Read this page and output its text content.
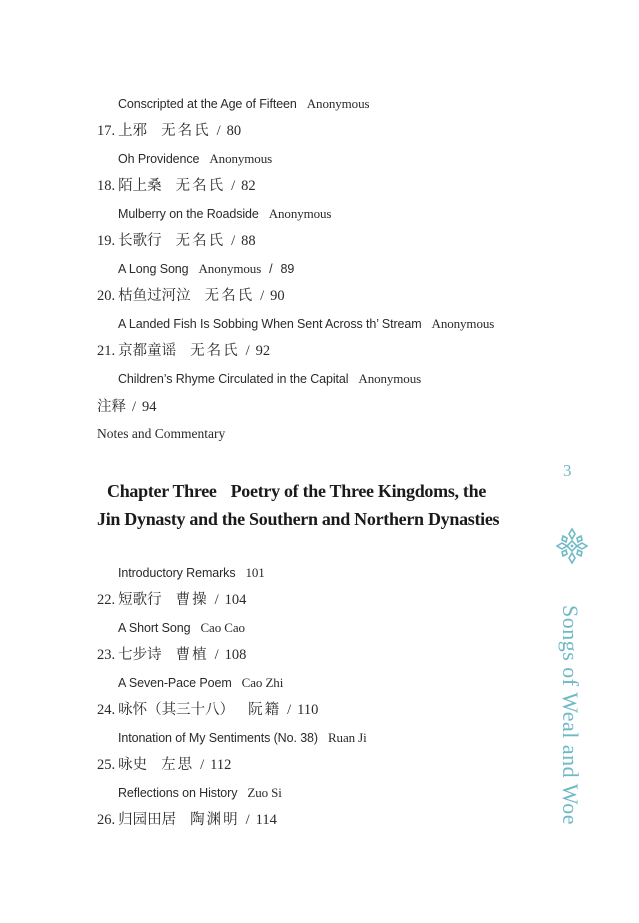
Conscripted at the Age of Fifteen Anonymous
17. 上邪 无名氏 / 80
Oh Providence Anonymous
18. 陌上桑 无名氏 / 82
Mulberry on the Roadside Anonymous
19. 长歌行 无名氏 / 88
A Long Song Anonymous / 89
20. 枯鱼过河泣 无名氏 / 90
A Landed Fish Is Sobbing When Sent Across th’ Stream Anonymous
21. 京都童谣 无名氏 / 92
Children’s Rhyme Circulated in the Capital Anonymous
注释 / 94
Notes and Commentary
Introductory Remarks 101
22. 短歌行 曹操 / 104
A Short Song Cao Cao
23. 七步诗 曹植 / 108
A Seven-Pace Poem Cao Zhi
24. 咏怀（其三十八） 阮籍 / 110
Intonation of My Sentiments (No. 38) Ruan Ji
25. 咏史 左思 / 112
Reflections on History Zuo Si
26. 归园田居 陶渊明 / 114
Chapter Three Poetry of the Three Kingdoms, the
Jin Dynasty and the Southern and Northern Dynasties
3
Songs of Weal and Woe
